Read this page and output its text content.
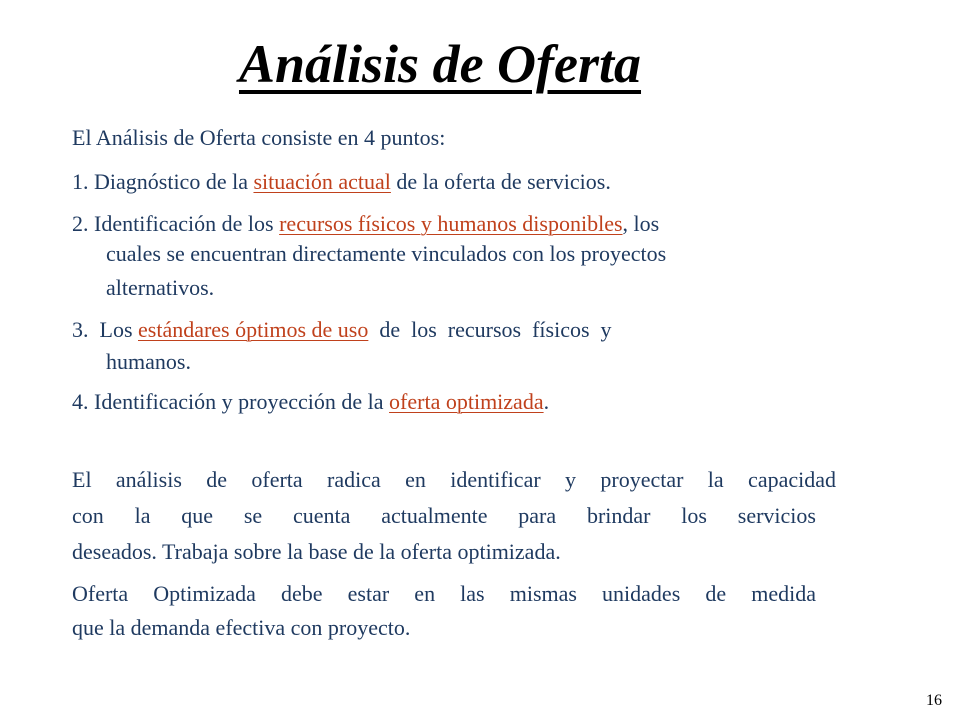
Análisis de Oferta

El Análisis de Oferta consiste en 4 puntos:

1. Diagnóstico de la situación actual de la oferta de servicios.

2. Identificación de los recursos físicos y humanos disponibles, los

cuales se encuentran directamente vinculados con los proyectos

alternativos.

3.  Los estándares óptimos de uso  de  los  recursos  físicos  y

humanos.

4. Identificación y proyección de la oferta optimizada.

El análisis de oferta radica en identificar y proyectar la capacidad

con la que se cuenta actualmente para brindar los servicios

deseados. Trabaja sobre la base de la oferta optimizada.

Oferta Optimizada debe estar en las mismas unidades de medida

que la demanda efectiva con proyecto.

16
